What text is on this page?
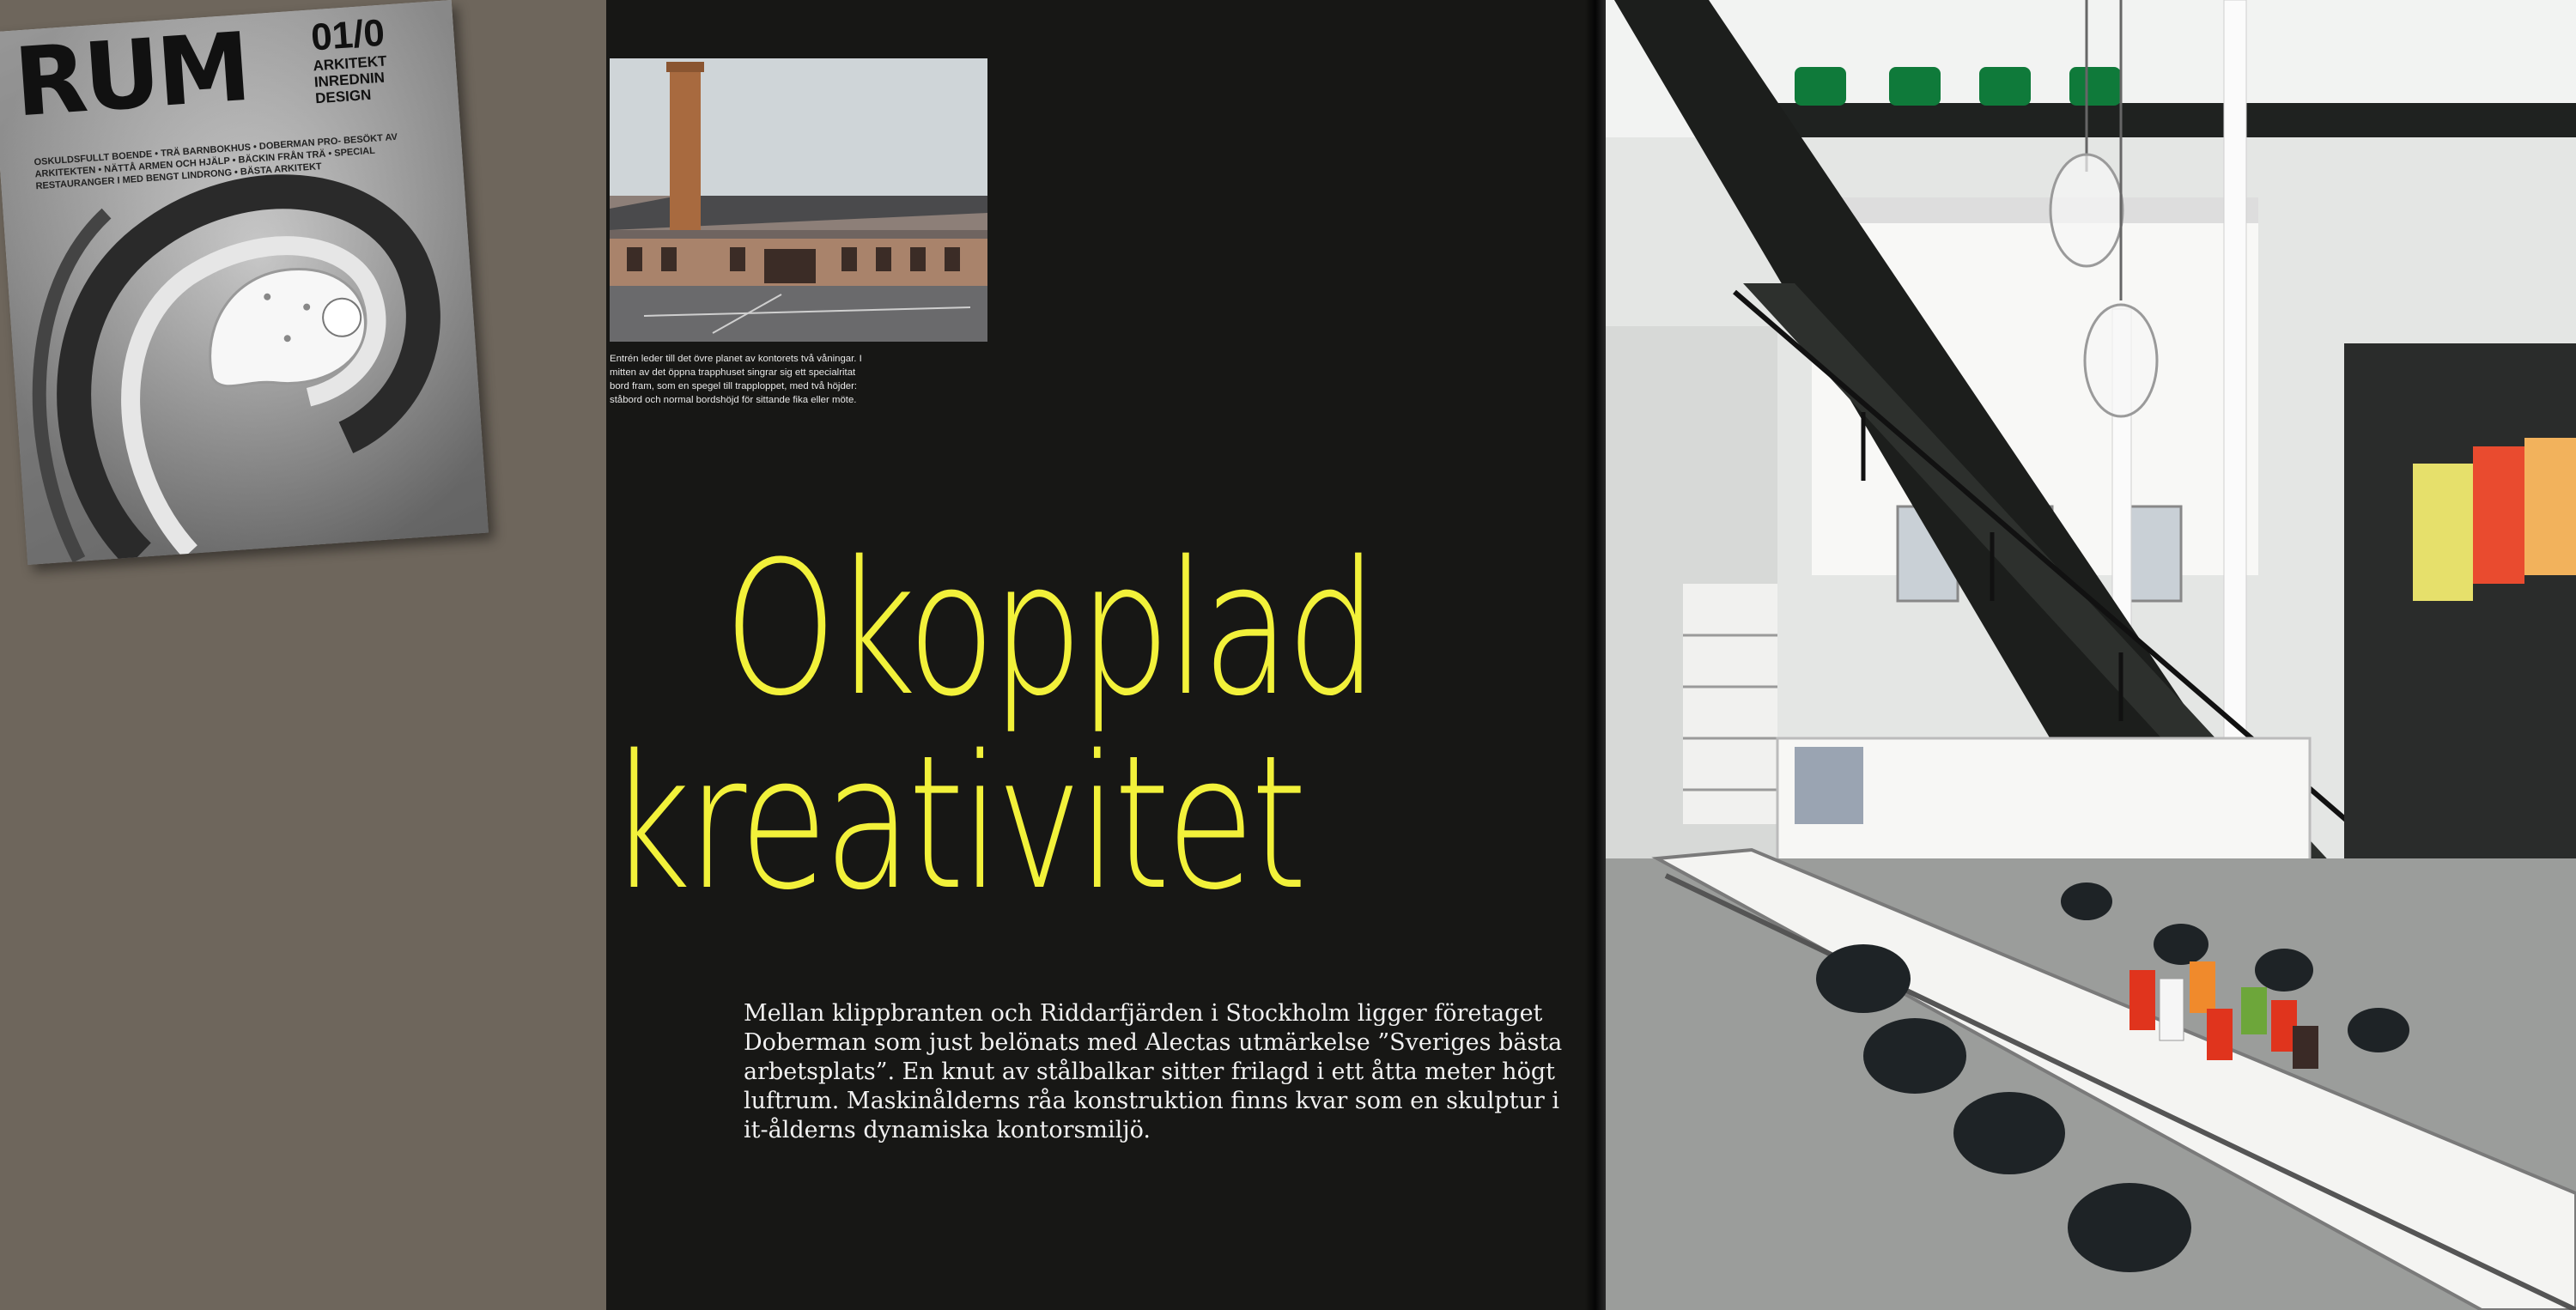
RUM 01/0
ARKITEKT
INREDNIN
DESIGN
OSKULDSFULLT BOENDE • TRÄ BARNBOKHUS • DOBERMAN PRO- BESÖKT AV ARKITEKTEN • NÄTTÅ ARMEN OCH HJÄLP • BÄCKIN FRÅN TRÄ • SPECIAL RESTAURANGER I MED BENGT LINDRONG • BÄSTA ARKITEKT
Entrén leder till det övre planet av kontorets två våningar. I mitten av det öppna trapphuset singrar sig ett specialritat bord fram, som en spegel till trapploppet, med två höjder: ståbord och normal bordshöjd för sittande fika eller möte.
Okopplad
kreativitet
Mellan klippbranten och Riddarfjärden i Stockholm ligger företaget Doberman som just belönats med Alectas utmärkelse ”Sveriges bästa arbetsplats”. En knut av stålbalkar sitter frilagd i ett åtta meter högt luftrum. Maskinålderns råa konstruktion finns kvar som en skulptur i it-ålderns dynamiska kontorsmiljö.
